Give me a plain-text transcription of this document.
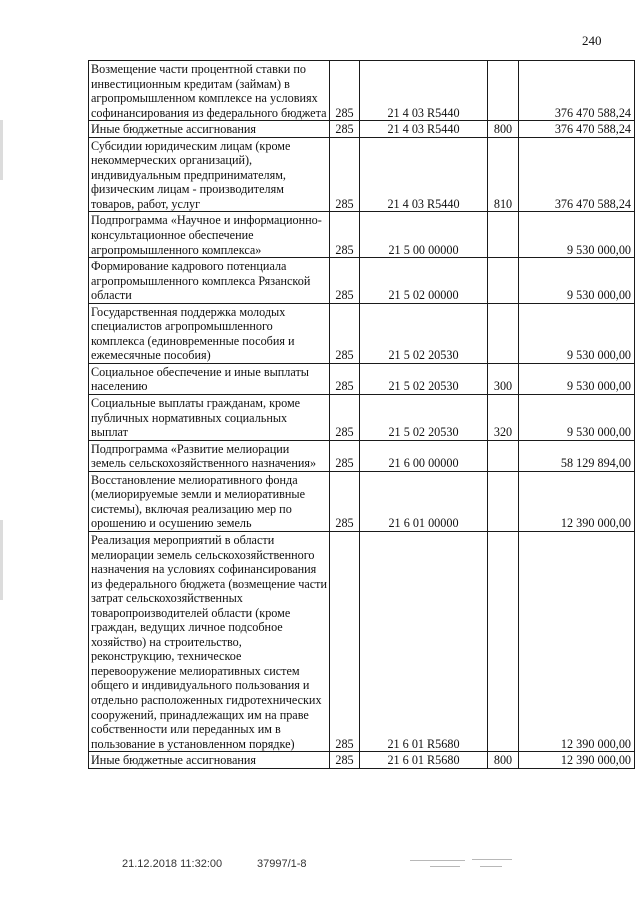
240
Возмещение части процентной ставки по инвестиционным кредитам (займам) в агропромышленном комплексе на условиях софинансирования из федерального бюджета	285	21 4 03 R5440		376 470 588,24
Иные бюджетные ассигнования	285	21 4 03 R5440	800	376 470 588,24
Субсидии юридическим лицам (кроме некоммерческих организаций), индивидуальным предпринимателям, физическим лицам - производителям товаров, работ, услуг	285	21 4 03 R5440	810	376 470 588,24
Подпрограмма «Научное и информационно-консультационное обеспечение агропромышленного комплекса»	285	21 5 00 00000		9 530 000,00
Формирование кадрового потенциала агропромышленного комплекса Рязанской области	285	21 5 02 00000		9 530 000,00
Государственная поддержка молодых специалистов агропромышленного комплекса (единовременные пособия и ежемесячные пособия)	285	21 5 02 20530		9 530 000,00
Социальное обеспечение и иные выплаты населению	285	21 5 02 20530	300	9 530 000,00
Социальные выплаты гражданам, кроме публичных нормативных социальных выплат	285	21 5 02 20530	320	9 530 000,00
Подпрограмма «Развитие мелиорации земель сельскохозяйственного назначения»	285	21 6 00 00000		58 129 894,00
Восстановление мелиоративного фонда (мелиорируемые земли и мелиоративные системы), включая реализацию мер по орошению и осушению земель	285	21 6 01 00000		12 390 000,00
Реализация мероприятий в области мелиорации земель сельскохозяйственного назначения на условиях софинансирования из федерального бюджета (возмещение части затрат сельскохозяйственных товаропроизводителей области (кроме граждан, ведущих личное подсобное хозяйство) на строительство, реконструкцию, техническое перевооружение мелиоративных систем общего и индивидуального пользования и отдельно расположенных гидротехнических сооружений, принадлежащих им на праве собственности или переданных им в пользование в установленном порядке)	285	21 6 01 R5680		12 390 000,00
Иные бюджетные ассигнования	285	21 6 01 R5680	800	12 390 000,00
21.12.2018 11:32:00	37997/1-8
